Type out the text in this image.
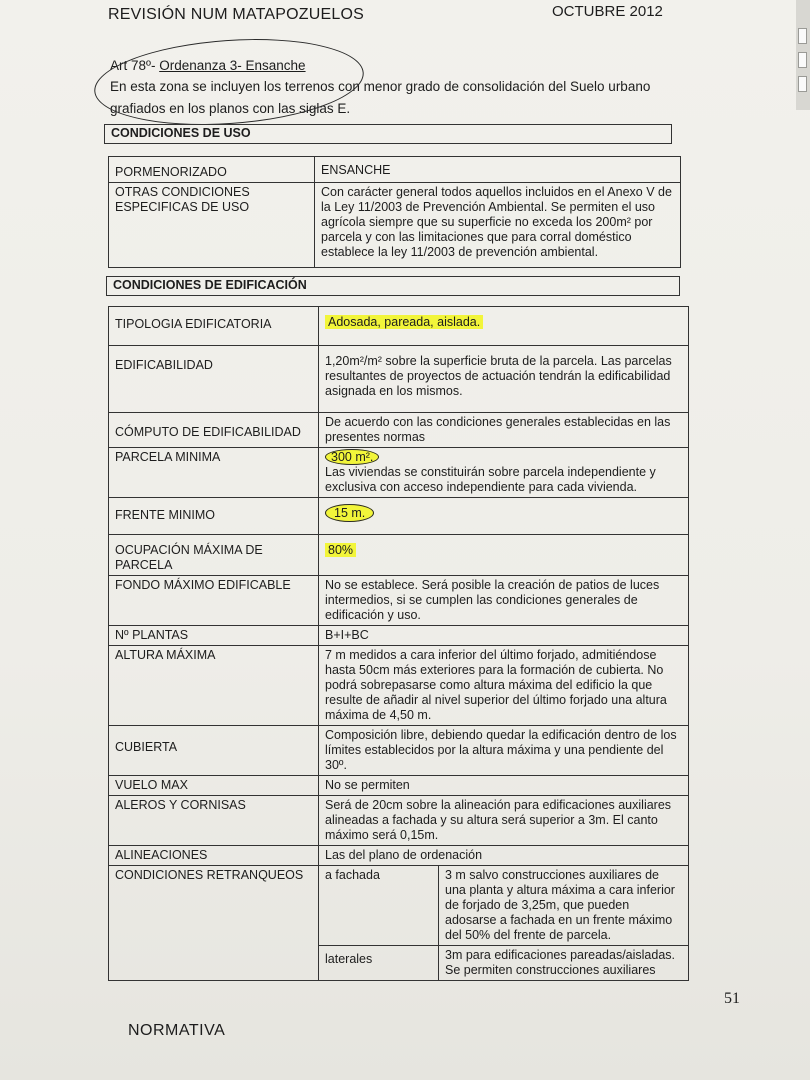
REVISIÓN NUM MATAPOZUELOS	OCTUBRE 2012
Art 78º- Ordenanza 3- Ensanche
En esta zona se incluyen los terrenos con menor grado de consolidación del Suelo urbano
grafiados en los planos con las siglas E.
CONDICIONES DE USO
PORMENORIZADO	ENSANCHE
OTRAS CONDICIONES ESPECIFICAS DE USO	Con carácter general todos aquellos incluidos en el Anexo V de la Ley 11/2003 de Prevención Ambiental. Se permiten el uso agrícola siempre que su superficie no exceda los 200m² por parcela y con las limitaciones que para corral doméstico establece la ley 11/2003 de prevención ambiental.
CONDICIONES DE EDIFICACIÓN
TIPOLOGIA EDIFICATORIA	Adosada, pareada, aislada.	
EDIFICABILIDAD	1,20m²/m² sobre la superficie bruta de la parcela. Las parcelas resultantes de proyectos de actuación tendrán la edificabilidad asignada en los mismos.	
CÓMPUTO DE EDIFICABILIDAD	De acuerdo con las condiciones generales establecidas en las presentes normas	
PARCELA MINIMA	300 m².
Las viviendas se constituirán sobre parcela independiente y exclusiva con acceso independiente para cada vivienda.	
FRENTE MINIMO	15 m.	
OCUPACIÓN MÁXIMA DE PARCELA	80%	
FONDO MÁXIMO EDIFICABLE	No se establece. Será posible la creación de patios de luces intermedios, si se cumplen las condiciones generales de edificación y uso.	
Nº PLANTAS	B+I+BC	
ALTURA MÁXIMA	7 m medidos a cara inferior del último forjado, admitiéndose hasta 50cm más exteriores para la formación de cubierta. No podrá sobrepasarse como altura máxima del edificio la que resulte de añadir al nivel superior del último forjado una altura máxima de 4,50 m.	
CUBIERTA	Composición libre, debiendo quedar la edificación dentro de los límites establecidos por la altura máxima y una pendiente del 30º.	
VUELO MAX	No se permiten	
ALEROS Y CORNISAS	Será de 20cm sobre la alineación para edificaciones auxiliares alineadas a fachada y su altura será superior a 3m. El canto máximo será 0,15m.	
ALINEACIONES	Las del plano de ordenación	
CONDICIONES RETRANQUEOS	a fachada	3 m salvo construcciones auxiliares de una planta y altura máxima a cara inferior de forjado de 3,25m, que pueden adosarse a fachada en un frente máximo del 50% del frente de parcela.
	laterales	3m para edificaciones pareadas/aisladas. Se permiten construcciones auxiliares
51
NORMATIVA
